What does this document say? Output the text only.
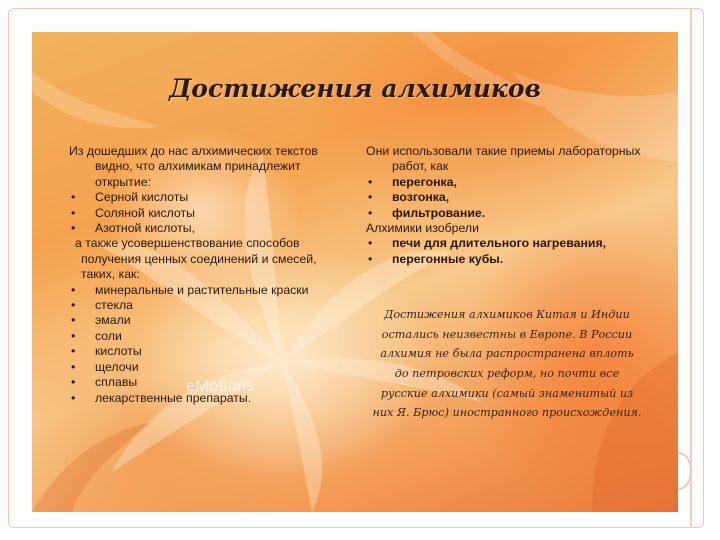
Достижения алхимиков

Из дошедших до нас алхимических текстов видно, что алхимикам принадлежит открытие:

• Серной кислоты
• Соляной кислоты
• Азотной кислоты,

а также усовершенствование способов получения ценных соединений и смесей, таких, как:

• минеральные и растительные краски
• стекла
• эмали
• соли
• кислоты
• щелочи
• сплавы
• лекарственные препараты.

Они использовали такие приемы лабораторных работ, как

• перегонка,
• возгонка,
• фильтрование.

Алхимики изобрели

• печи для длительного нагревания,
• перегонные кубы.

Достижения алхимиков Китая и Индии остались неизвестны в Европе. В России алхимия не была распространена вплоть до петровских реформ, но почти все русские алхимики (самый знаменитый из них Я. Брюс) иностранного происхождения.

eMotions
